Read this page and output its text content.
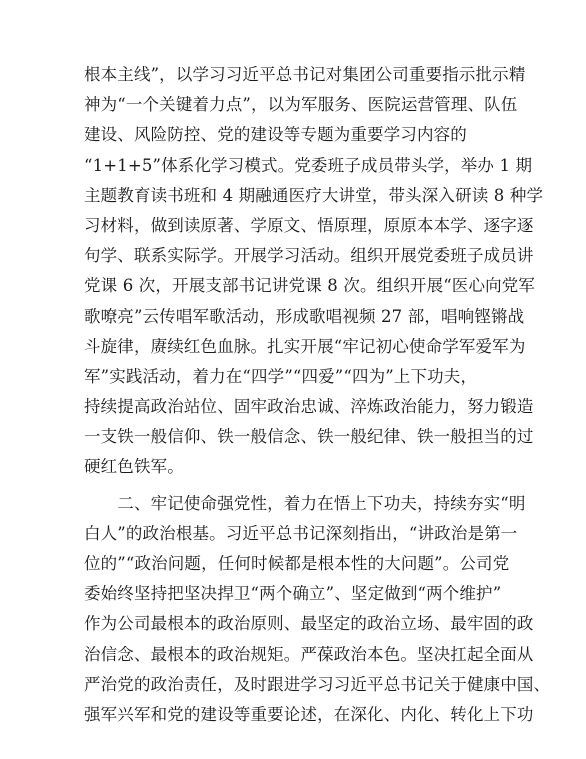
根本主线”，以学习习近平总书记对集团公司重要指示批示精
神为“一个关键着力点”，以为军服务、医院运营管理、队伍
建设、风险防控、党的建设等专题为重要学习内容的
“1+1+5”体系化学习模式。党委班子成员带头学，举办 1 期
主题教育读书班和 4 期融通医疗大讲堂，带头深入研读 8 种学
习材料，做到读原著、学原文、悟原理，原原本本学、逐字逐
句学、联系实际学。开展学习活动。组织开展党委班子成员讲
党课 6 次，开展支部书记讲党课 8 次。组织开展“医心向党军
歌嘹亮”云传唱军歌活动，形成歌唱视频 27 部，唱响铿锵战
斗旋律，赓续红色血脉。扎实开展“牢记初心使命学军爱军为
军”实践活动，着力在“四学”“四爱”“四为”上下功夫，
持续提高政治站位、固牢政治忠诚、淬炼政治能力，努力锻造
一支铁一般信仰、铁一般信念、铁一般纪律、铁一般担当的过
硬红色铁军。
　　二、牢记使命强党性，着力在悟上下功夫，持续夯实“明
白人”的政治根基。习近平总书记深刻指出，“讲政治是第一
位的”“政治问题，任何时候都是根本性的大问题”。公司党
委始终坚持把坚决捍卫“两个确立”、坚定做到“两个维护”
作为公司最根本的政治原则、最坚定的政治立场、最牢固的政
治信念、最根本的政治规矩。严葆政治本色。坚决扛起全面从
严治党的政治责任，及时跟进学习习近平总书记关于健康中国、
强军兴军和党的建设等重要论述，在深化、内化、转化上下功
